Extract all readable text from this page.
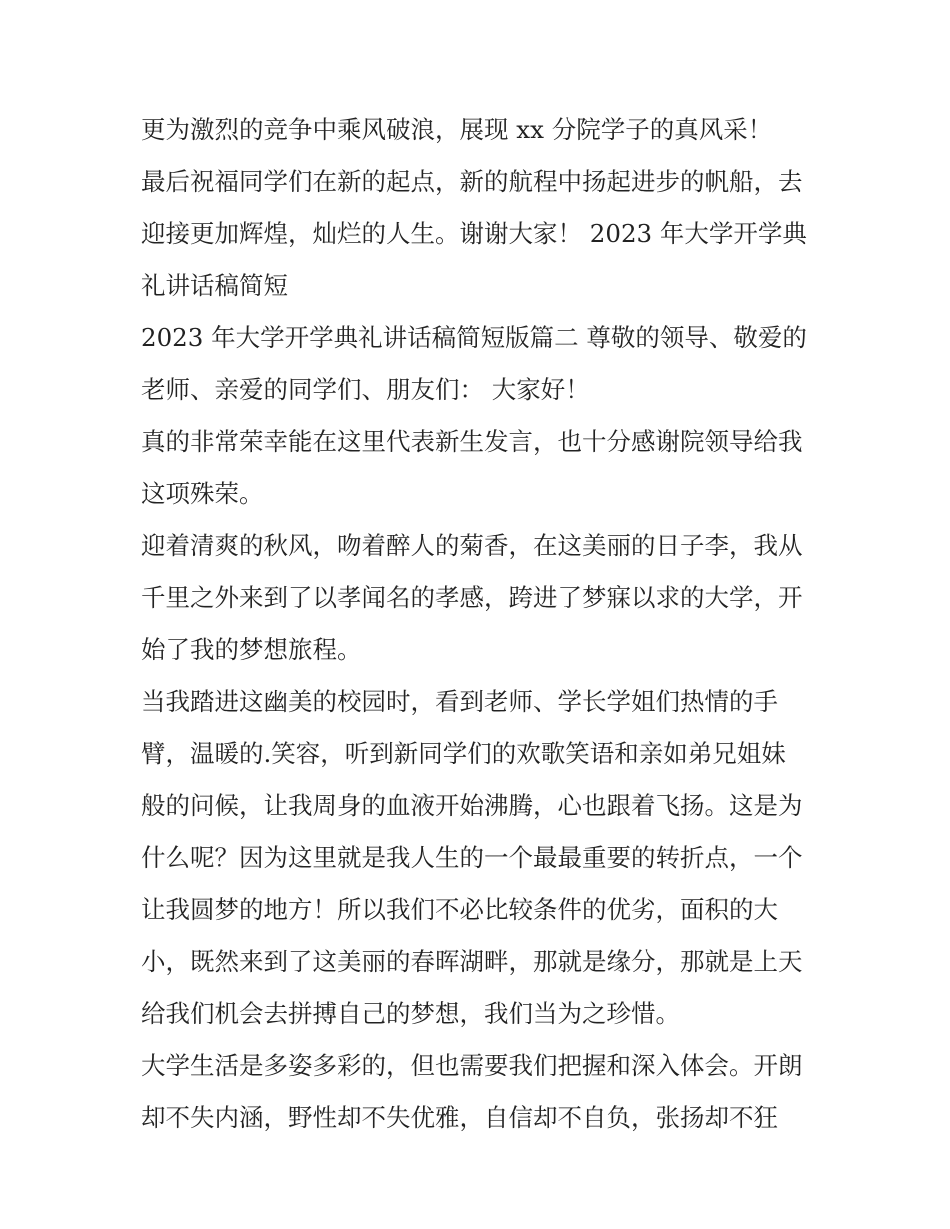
更为激烈的竞争中乘风破浪，展现 xx 分院学子的真风采！
最后祝福同学们在新的起点，新的航程中扬起进步的帆船，去
迎接更加辉煌，灿烂的人生。谢谢大家！ 2023 年大学开学典
礼讲话稿简短
2023 年大学开学典礼讲话稿简短版篇二 尊敬的领导、敬爱的
老师、亲爱的同学们、朋友们： 大家好！
真的非常荣幸能在这里代表新生发言，也十分感谢院领导给我
这项殊荣。
迎着清爽的秋风，吻着醉人的菊香，在这美丽的日子李，我从
千里之外来到了以孝闻名的孝感，跨进了梦寐以求的大学，开
始了我的梦想旅程。
当我踏进这幽美的校园时，看到老师、学长学姐们热情的手
臂，温暖的.笑容，听到新同学们的欢歌笑语和亲如弟兄姐妹
般的问候，让我周身的血液开始沸腾，心也跟着飞扬。这是为
什么呢？因为这里就是我人生的一个最最重要的转折点，一个
让我圆梦的地方！所以我们不必比较条件的优劣，面积的大
小，既然来到了这美丽的春晖湖畔，那就是缘分，那就是上天
给我们机会去拼搏自己的梦想，我们当为之珍惜。
大学生活是多姿多彩的，但也需要我们把握和深入体会。开朗
却不失内涵，野性却不失优雅，自信却不自负，张扬却不狂
